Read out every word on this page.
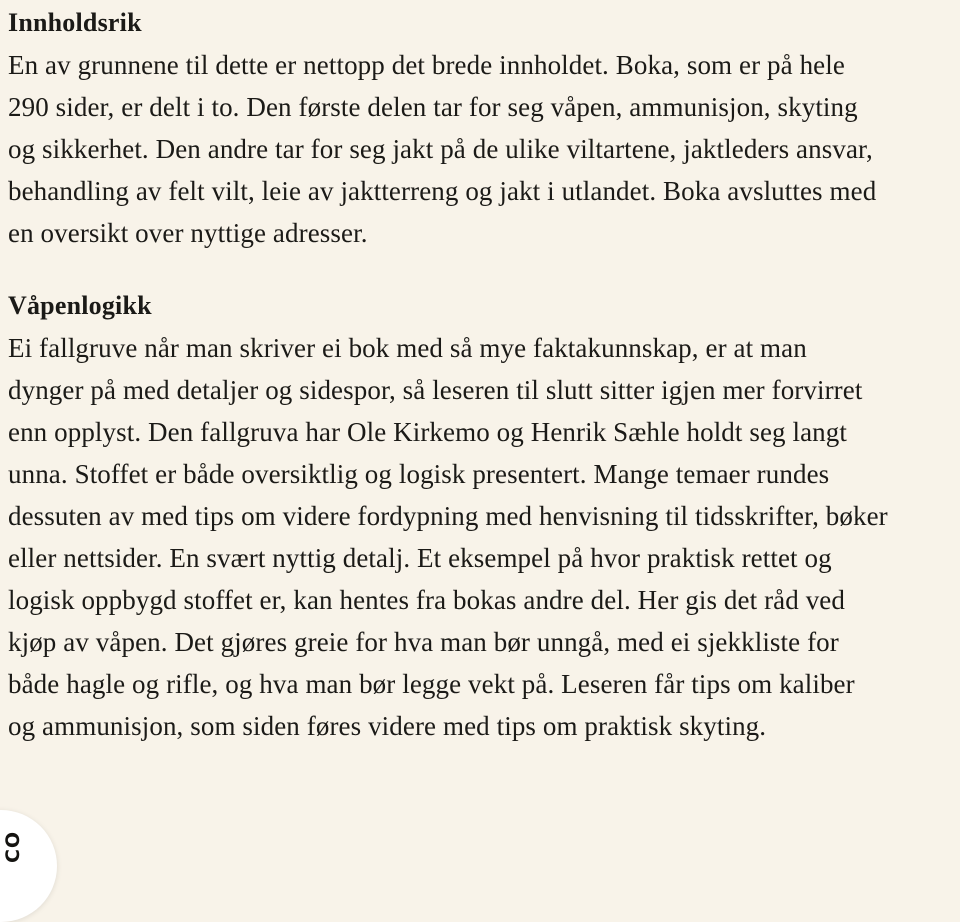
Innholdsrik

En av grunnene til dette er nettopp det brede innholdet. Boka, som er på hele 290 sider, er delt i to. Den første delen tar for seg våpen, ammunisjon, skyting og sikkerhet. Den andre tar for seg jakt på de ulike viltartene, jaktleders ansvar, behandling av felt vilt, leie av jaktterreng og jakt i utlandet. Boka avsluttes med en oversikt over nyttige adresser.

Våpenlogikk

Ei fallgruve når man skriver ei bok med så mye faktakunnskap, er at man dynger på med detaljer og sidespor, så leseren til slutt sitter igjen mer forvirret enn opplyst. Den fallgruva har Ole Kirkemo og Henrik Sæhle holdt seg langt unna. Stoffet er både oversiktlig og logisk presentert. Mange temaer rundes dessuten av med tips om videre fordypning med henvisning til tidsskrifter, bøker eller nettsider. En svært nyttig detalj. Et eksempel på hvor praktisk rettet og logisk oppbygd stoffet er, kan hentes fra bokas andre del. Her gis det råd ved kjøp av våpen. Det gjøres greie for hva man bør unngå, med ei sjekkliste for både hagle og rifle, og hva man bør legge vekt på. Leseren får tips om kaliber og ammunisjon, som siden føres videre med tips om praktisk skyting.

CO
